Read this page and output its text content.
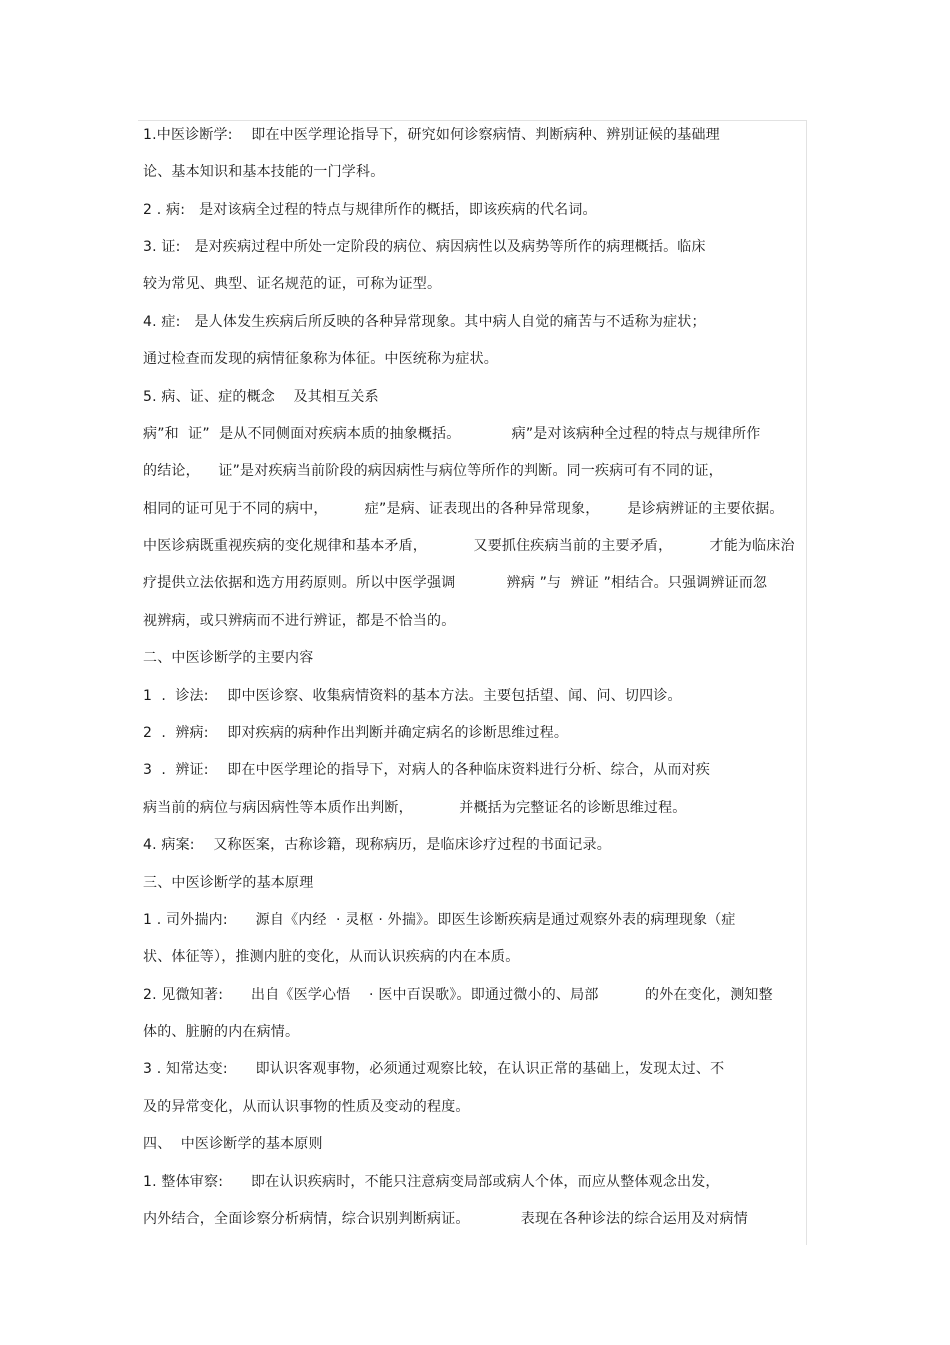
1.中医诊断学:    即在中医学理论指导下，研究如何诊察病情、判断病种、辨别证候的基础理
论、基本知识和基本技能的一门学科。
2 . 病:   是对该病全过程的特点与规律所作的概括，即该疾病的代名词。
3. 证:   是对疾病过程中所处一定阶段的病位、病因病性以及病势等所作的病理概括。临床
较为常见、典型、证名规范的证，可称为证型。
4. 症:   是人体发生疾病后所反映的各种异常现象。其中病人自觉的痛苦与不适称为症状；
通过检查而发现的病情征象称为体征。中医统称为症状。
5. 病、证、症的概念    及其相互关系
病”和  证”  是从不同侧面对疾病本质的抽象概括。           病”是对该病种全过程的特点与规律所作
的结论，    证”是对疾病当前阶段的病因病性与病位等所作的判断。同一疾病可有不同的证，
相同的证可见于不同的病中，        症”是病、证表现出的各种异常现象，      是诊病辨证的主要依据。
中医诊病既重视疾病的变化规律和基本矛盾，          又要抓住疾病当前的主要矛盾，        才能为临床治
疗提供立法依据和选方用药原则。所以中医学强调           辨病 ”与  辨证 ”相结合。只强调辨证而忽
视辨病，或只辨病而不进行辨证，都是不恰当的。
二、中医诊断学的主要内容
1  .  诊法:    即中医诊察、收集病情资料的基本方法。主要包括望、闻、问、切四诊。
2  .  辨病:    即对疾病的病种作出判断并确定病名的诊断思维过程。
3  .  辨证:    即在中医学理论的指导下，对病人的各种临床资料进行分析、综合，从而对疾
病当前的病位与病因病性等本质作出判断，          并概括为完整证名的诊断思维过程。
4. 病案:    又称医案，古称诊籍，现称病历，是临床诊疗过程的书面记录。
三、中医诊断学的基本原理
1 . 司外揣内:      源自《内经  · 灵枢 · 外揣》。即医生诊断疾病是通过观察外表的病理现象（症
状、体征等），推测内脏的变化，从而认识疾病的内在本质。
2. 见微知著:      出自《医学心悟    · 医中百误歌》。即通过微小的、局部          的外在变化，测知整
体的、脏腑的内在病情。
3 . 知常达变:      即认识客观事物，必须通过观察比较，在认识正常的基础上，发现太过、不
及的异常变化，从而认识事物的性质及变动的程度。
四、  中医诊断学的基本原则
1. 整体审察:      即在认识疾病时，不能只注意病变局部或病人个体，而应从整体观念出发，
内外结合，全面诊察分析病情，综合识别判断病证。           表现在各种诊法的综合运用及对病情
